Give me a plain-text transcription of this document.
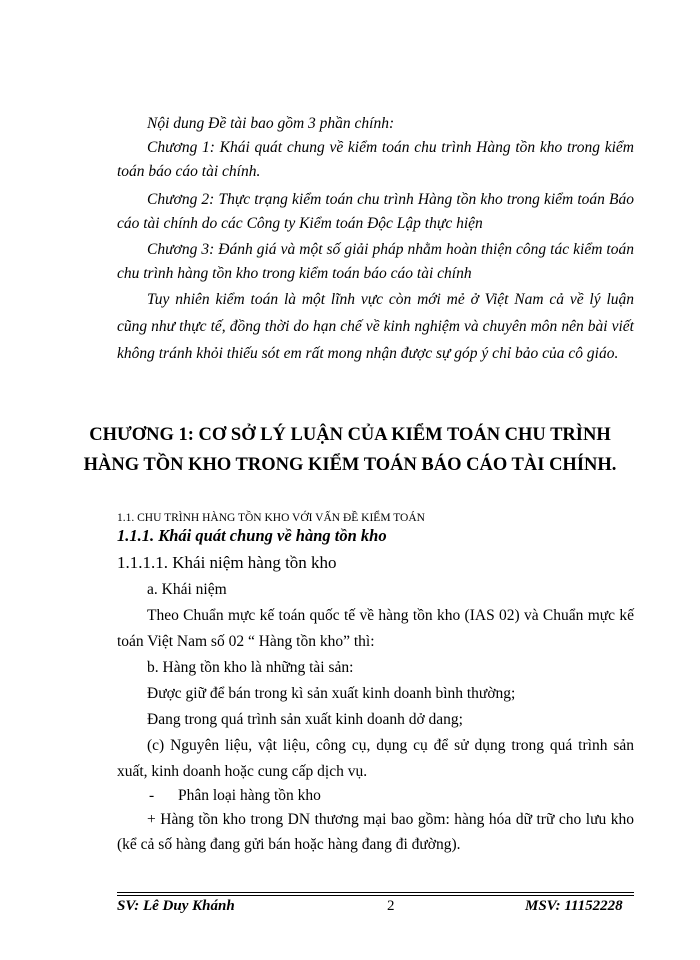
Nội dung Đề tài bao gồm 3 phần chính:
Chương 1: Khái quát chung về kiểm toán chu trình Hàng tồn kho trong kiểm
toán báo cáo tài chính.
Chương 2: Thực trạng kiểm toán chu trình Hàng tồn kho trong kiểm toán Báo
cáo tài chính do các Công ty Kiểm toán Độc Lập thực hiện
Chương 3: Đánh giá và một số giải pháp nhằm hoàn thiện công tác kiểm toán
chu trình hàng tồn kho trong kiểm toán báo cáo tài chính
Tuy nhiên kiểm toán là một lĩnh vực còn mới mẻ ở Việt Nam cả về lý luận
cũng như thực tế, đồng thời do hạn chế về kinh nghiệm và chuyên môn nên bài viết
không tránh khỏi thiếu sót em rất mong nhận được sự góp ý chỉ bảo của cô giáo.
CHƯƠNG 1: CƠ SỞ LÝ LUẬN CỦA KIỂM TOÁN CHU TRÌNH
HÀNG TỒN KHO TRONG KIỂM TOÁN BÁO CÁO TÀI CHÍNH.
1.1. CHU TRÌNH HÀNG TỒN KHO VỚI VẤN ĐỀ KIỂM TOÁN
1.1.1. Khái quát chung về hàng tồn kho
1.1.1.1. Khái niệm hàng tồn kho
a. Khái niệm
Theo Chuẩn mực kế toán quốc tế về hàng tồn kho (IAS 02) và Chuẩn mực kế
toán Việt Nam số 02 “ Hàng tồn kho” thì:
b. Hàng tồn kho là những tài sản:
Được giữ để bán trong kì sản xuất kinh doanh bình thường;
Đang trong quá trình sản xuất kinh doanh dở dang;
(c) Nguyên liệu, vật liệu, công cụ, dụng cụ để sử dụng trong quá trình sản
xuất, kinh doanh hoặc cung cấp dịch vụ.
- Phân loại hàng tồn kho
+ Hàng tồn kho trong DN thương mại bao gồm: hàng hóa dữ trữ cho lưu kho
(kể cả số hàng đang gửi bán hoặc hàng đang đi đường).
SV: Lê Duy Khánh	2	MSV: 11152228
